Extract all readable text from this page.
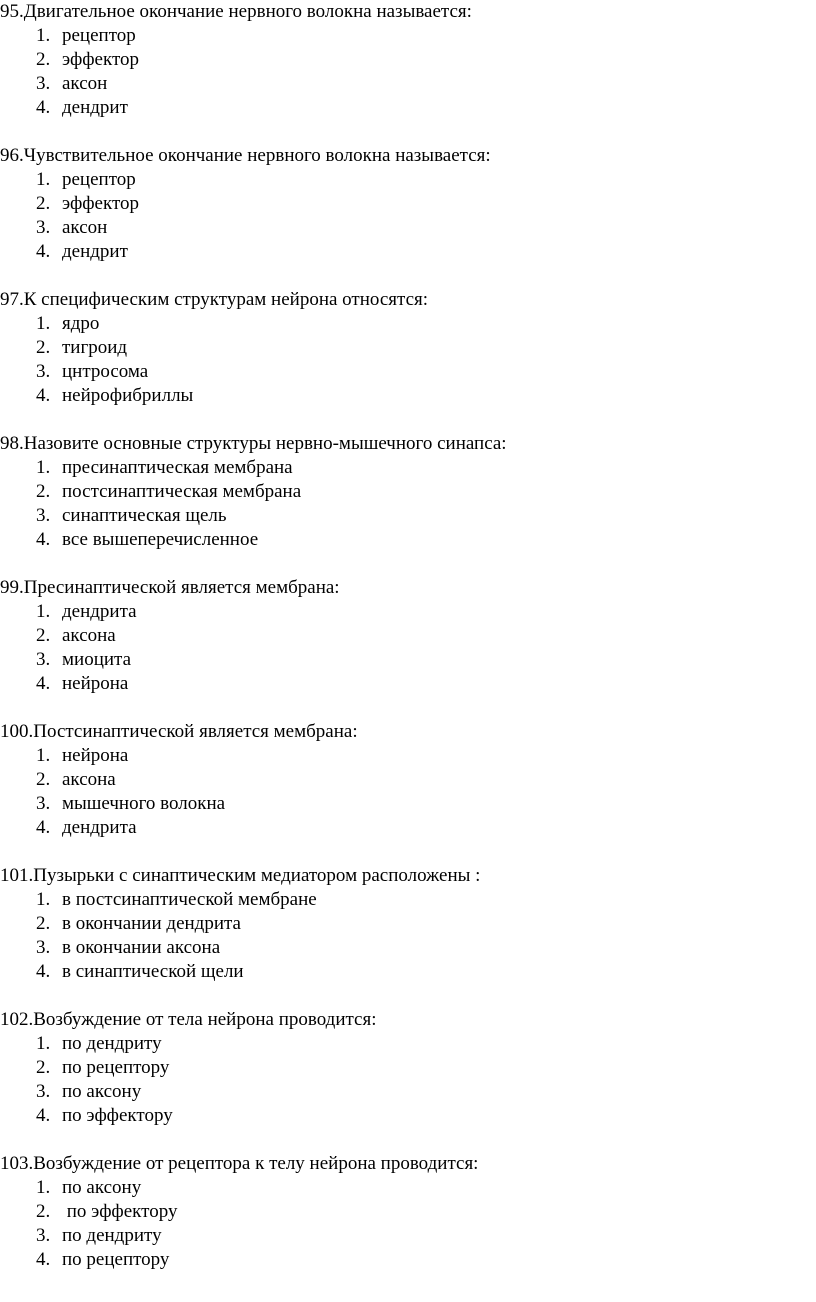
95.Двигательное окончание нервного волокна называется:
1. рецептор
2. эффектор
3. аксон
4. дендрит
96.Чувствительное окончание нервного волокна называется:
1. рецептор
2. эффектор
3. аксон
4. дендрит
97.К специфическим структурам нейрона относятся:
1. ядро
2. тигроид
3. цнтросома
4. нейрофибриллы
98.Назовите основные структуры нервно-мышечного синапса:
1. пресинаптическая мембрана
2. постсинаптическая мембрана
3. синаптическая щель
4. все вышеперечисленное
99.Пресинаптической является мембрана:
1. дендрита
2. аксона
3. миоцита
4. нейрона
100.Постсинаптической является мембрана:
1. нейрона
2. аксона
3. мышечного волокна
4. дендрита
101.Пузырьки с синаптическим медиатором расположены :
1. в постсинаптической мембране
2. в окончании дендрита
3. в окончании аксона
4. в синаптической щели
102.Возбуждение от тела нейрона проводится:
1. по дендриту
2. по рецептору
3. по аксону
4. по эффектору
103.Возбуждение от рецептора к телу нейрона проводится:
1. по аксону
2. по эффектору
3. по дендриту
4. по рецептору
